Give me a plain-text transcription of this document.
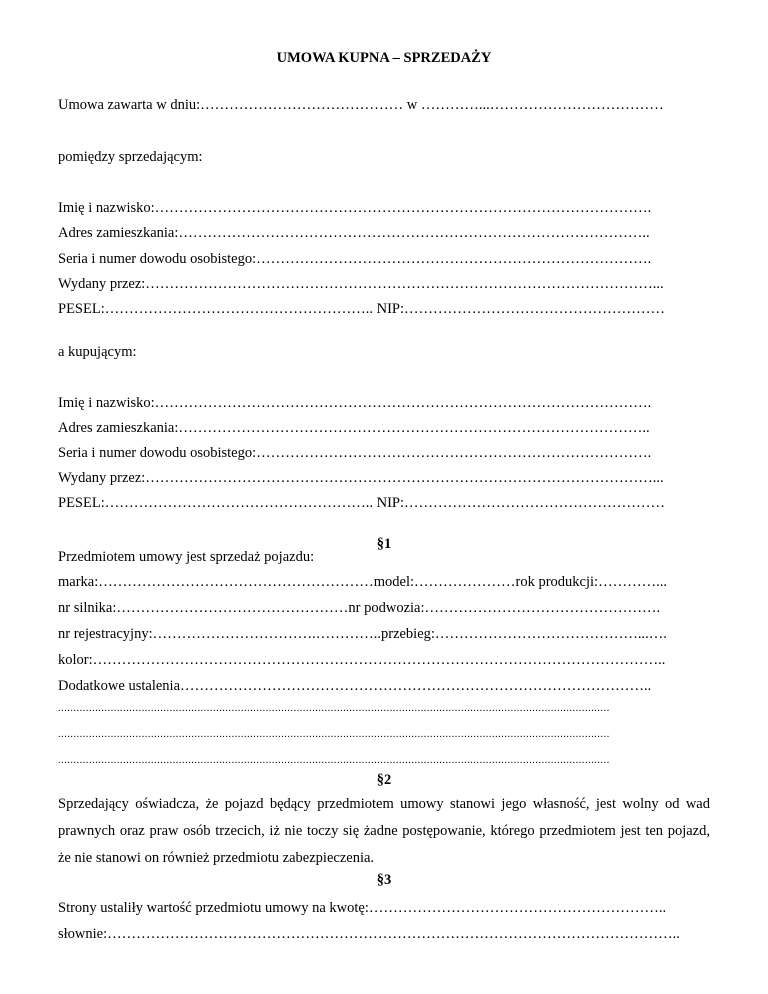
UMOWA KUPNA – SPRZEDAŻY
Umowa zawarta w dniu:…………………………………… w …………...………………………………
pomiędzy sprzedającym:
Imię i nazwisko:………………………………………………………………………………………….
Adres zamieszkania:……………………………………………………………………………………..
Seria i numer dowodu osobistego:……………………………………………………………………….
Wydany przez:……………………………………………………………………………………………...
PESEL:……………………………………………….. NIP:………………………………………………
a kupującym:
Imię i nazwisko:………………………………………………………………………………………….
Adres zamieszkania:……………………………………………………………………………………..
Seria i numer dowodu osobistego:……………………………………………………………………….
Wydany przez:……………………………………………………………………………………………...
PESEL:……………………………………………….. NIP:………………………………………………
§1
Przedmiotem umowy jest sprzedaż pojazdu:
marka:…………………………………………………model:…………………rok produkcji:…………...
nr silnika:…………………………………………nr podwozia:………………………………………….
nr rejestracyjny:…………………………….…………..przebieg:……………………………………...….
kolor:………………………………………………………………………………………………………..
Dodatkowe ustalenia……………………………………………………………………………………..
..................................................................................................................................................................................
..................................................................................................................................................................................
..................................................................................................................................................................................
§2
Sprzedający oświadcza, że pojazd będący przedmiotem umowy stanowi jego własność, jest wolny od wad prawnych oraz praw osób trzecich, iż nie toczy się żadne postępowanie, którego przedmiotem jest ten pojazd, że nie stanowi on również przedmiotu zabezpieczenia.
§3
Strony ustaliły wartość przedmiotu umowy na kwotę:……………………………………………………..
słownie:………………………………………………………………………………………………………..
